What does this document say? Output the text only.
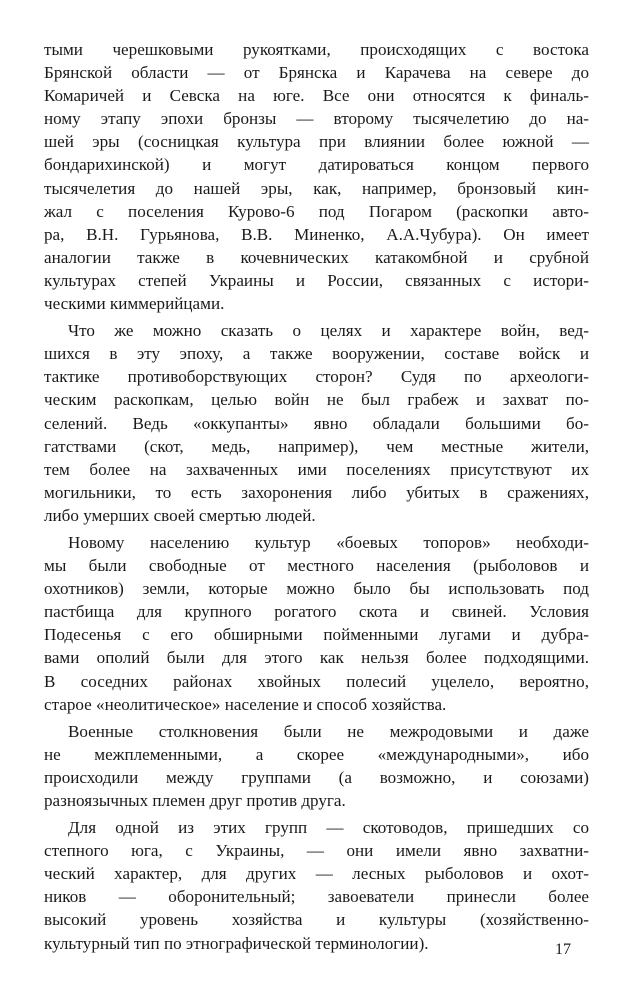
тыми черешковыми рукоятками, происходящих с востока
Брянской области — от Брянска и Карачева на севере до
Комаричей и Севска на юге. Все они относятся к финаль-
ному этапу эпохи бронзы — второму тысячелетию до на-
шей эры (сосницкая культура при влиянии более южной —
бондарихинской) и могут датироваться концом первого
тысячелетия до нашей эры, как, например, бронзовый кин-
жал с поселения Курово-6 под Погаром (раскопки авто-
ра, В.Н. Гурьянова, В.В. Миненко, А.А.Чубура). Он имеет
аналогии также в кочевнических катакомбной и срубной
культурах степей Украины и России, связанных с истори-
ческими киммерийцами.
Что же можно сказать о целях и характере войн, вед-
шихся в эту эпоху, а также вооружении, составе войск и
тактике противоборствующих сторон? Судя по археологи-
ческим раскопкам, целью войн не был грабеж и захват по-
селений. Ведь «оккупанты» явно обладали большими бо-
гатствами (скот, медь, например), чем местные жители,
тем более на захваченных ими поселениях присутствуют их
могильники, то есть захоронения либо убитых в сражениях,
либо умерших своей смертью людей.
Новому населению культур «боевых топоров» необходи-
мы были свободные от местного населения (рыболовов и
охотников) земли, которые можно было бы использовать под
пастбища для крупного рогатого скота и свиней. Условия
Подесенья с его обширными пойменными лугами и дубра-
вами ополий были для этого как нельзя более подходящими.
В соседних районах хвойных полесий уцелело, вероятно,
старое «неолитическое» население и способ хозяйства.
Военные столкновения были не межродовыми и даже
не межплеменными, а скорее «международными», ибо
происходили между группами (а возможно, и союзами)
разноязычных племен друг против друга.
Для одной из этих групп — скотоводов, пришедших со
степного юга, с Украины, — они имели явно захватни-
ческий характер, для других — лесных рыболовов и охот-
ников — оборонительный; завоеватели принесли более
высокий уровень хозяйства и культуры (хозяйственно-
культурный тип по этнографической терминологии).	17
